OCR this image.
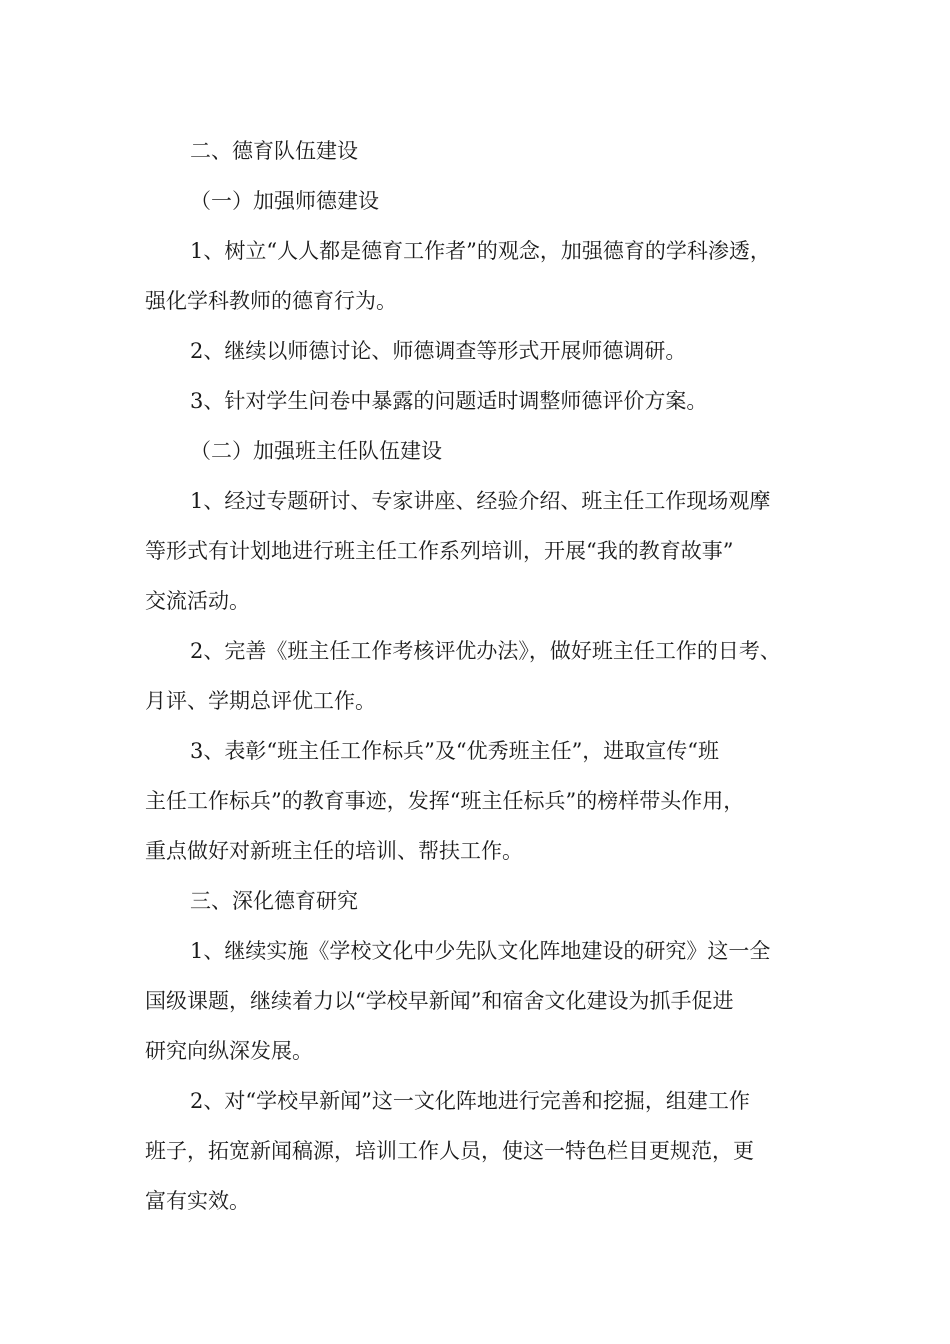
二、德育队伍建设
（一）加强师德建设
1、树立“人人都是德育工作者”的观念，加强德育的学科渗透，
强化学科教师的德育行为。
2、继续以师德讨论、师德调查等形式开展师德调研。
3、针对学生问卷中暴露的问题适时调整师德评价方案。
（二）加强班主任队伍建设
1、经过专题研讨、专家讲座、经验介绍、班主任工作现场观摩
等形式有计划地进行班主任工作系列培训，开展“我的教育故事”
交流活动。
2、完善《班主任工作考核评优办法》，做好班主任工作的日考、
月评、学期总评优工作。
3、表彰“班主任工作标兵”及“优秀班主任”，进取宣传“班
主任工作标兵”的教育事迹，发挥“班主任标兵”的榜样带头作用，
重点做好对新班主任的培训、帮扶工作。
三、深化德育研究
1、继续实施《学校文化中少先队文化阵地建设的研究》这一全
国级课题，继续着力以“学校早新闻”和宿舍文化建设为抓手促进
研究向纵深发展。
2、对“学校早新闻”这一文化阵地进行完善和挖掘，组建工作
班子，拓宽新闻稿源，培训工作人员，使这一特色栏目更规范，更
富有实效。
